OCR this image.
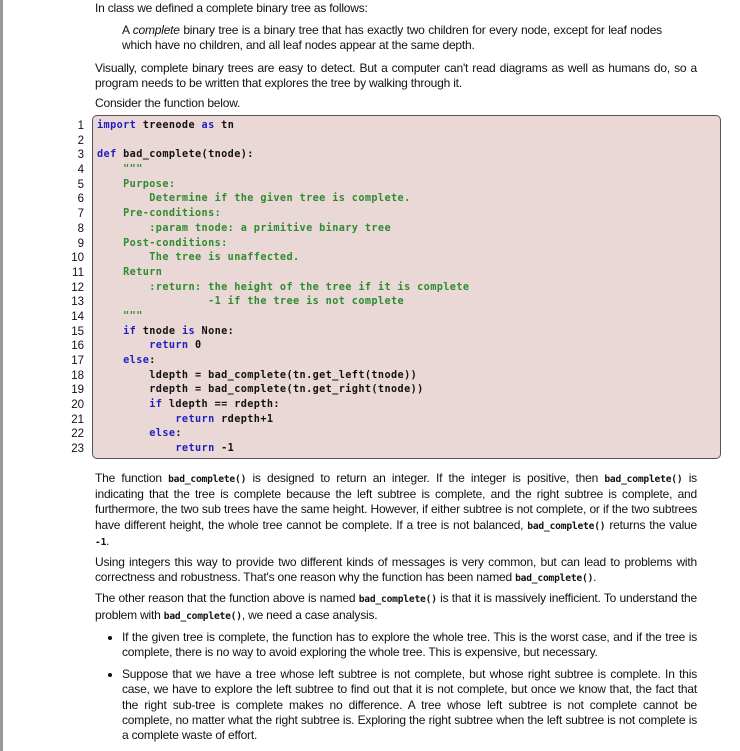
In class we defined a complete binary tree as follows:

A complete binary tree is a binary tree that has exactly two children for every node, except for leaf nodes which have no children, and all leaf nodes appear at the same depth.

Visually, complete binary trees are easy to detect. But a computer can't read diagrams as well as humans do, so a program needs to be written that explores the tree by walking through it.

Consider the function below.

1
2
3
4
5
6
7
8
9
10
11
12
13
14
15
16
17
18
19
20
21
22
23
import treenode as tn

def bad_complete(tnode):
"""
Purpose:
Determine if the given tree is complete.
Pre-conditions:
:param tnode: a primitive binary tree
Post-conditions:
The tree is unaffected.
Return
:return: the height of the tree if it is complete
-1 if the tree is not complete
"""
if tnode is None:
return 0
else:
ldepth = bad_complete(tn.get_left(tnode))
rdepth = bad_complete(tn.get_right(tnode))
if ldepth == rdepth:
return rdepth+1
else:
return -1

The function bad_complete() is designed to return an integer. If the integer is positive, then bad_complete() is indicating that the tree is complete because the left subtree is complete, and the right subtree is complete, and furthermore, the two sub trees have the same height. However, if either subtree is not complete, or if the two subtrees have different height, the whole tree cannot be complete. If a tree is not balanced, bad_complete() returns the value -1.

Using integers this way to provide two different kinds of messages is very common, but can lead to problems with correctness and robustness. That's one reason why the function has been named bad_complete().

The other reason that the function above is named bad_complete() is that it is massively inefficient. To understand the problem with bad_complete(), we need a case analysis.

• If the given tree is complete, the function has to explore the whole tree. This is the worst case, and if the tree is complete, there is no way to avoid exploring the whole tree. This is expensive, but necessary.
• Suppose that we have a tree whose left subtree is not complete, but whose right subtree is complete. In this case, we have to explore the left subtree to find out that it is not complete, but once we know that, the fact that the right sub-tree is complete makes no difference. A tree whose left subtree is not complete cannot be complete, no matter what the right subtree is. Exploring the right subtree when the left subtree is not complete is a complete waste of effort.
